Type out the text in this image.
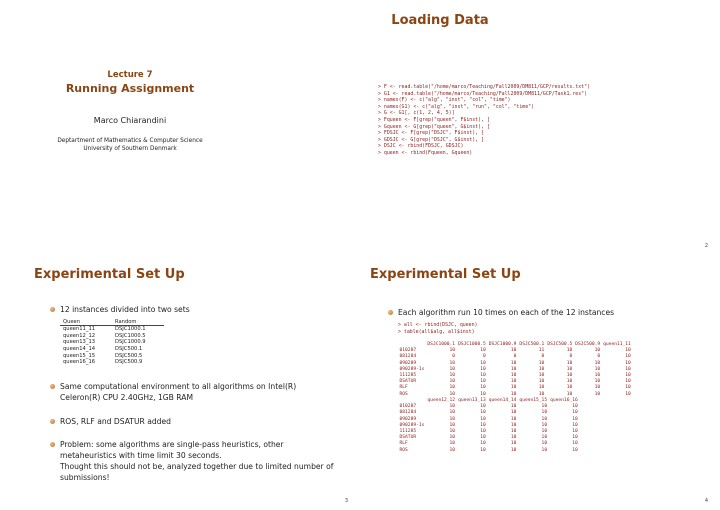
Lecture 7
Running Assignment
Marco Chiarandini
Deptartment of Mathematics & Computer Science
University of Southern Denmark
Loading Data
> F <- read.table("/home/marco/Teaching/Fall2009/DM811/GCP/results.txt")
> G1 <- read.table("/home/marco/Teaching/Fall2009/DM811/GCP/Task1.res")
> names(F) <- c("alg", "inst", "col", "time")
> names(G1) <- c("alg", "inst", "run", "col", "time")
> G <- G1[, c(1, 2, 4, 5)]
> Fqueen <- F[grep("queen", F$inst), ]
> Gqueen <- G[grep("queen", G$inst), ]
> FDSJC <- F[grep("DSJC", F$inst), ]
> GDSJC <- G[grep("DSJC", G$inst), ]
> DSJC <- rbind(FDSJC, GDSJC)
> queen <- rbind(Fqueen, Gqueen)
2
Experimental Set Up
12 instances divided into two sets
Queen	Random
queen11_11	DSJC1000.1
queen12_12	DSJC1000.5
queen13_13	DSJC1000.9
queen14_14	DSJC500.1
queen15_15	DSJC500.5
queen16_16	DSJC500.9
Same computational environment to all algorithms on Intel(R)
Celeron(R) CPU 2.40GHz, 1GB RAM
ROS, RLF and DSATUR added
Problem: some algorithms are single-pass heuristics, other
metaheuristics with time limit 30 seconds.
Thought this should not be, analyzed together due to limited number of
submissions!
3
Experimental Set Up
Each algorithm run 10 times on each of the 12 instances
> all <- rbind(DSJC, queen)
> table(all$alg, all$inst)
	DSJC1000.1	DSJC1000.5	DSJC1000.9	DSJC500.1	DSJC500.5	DSJC500.9	queen11_11
010287	10	10	10	11	10	10	10
081284	0	0	0	0	0	0	10
090289	10	10	10	10	10	10	10
090289-1s	10	10	10	10	10	10	10
111285	10	10	10	10	10	10	10
DSATUR	10	10	10	10	10	10	10
RLF	10	10	10	10	10	10	10
ROS	10	10	10	10	10	10	10
	queen12_12	queen13_13	queen14_14	queen15_15	queen16_16
010287	10	10	10	10	10
081284	10	10	10	10	10
090289	10	10	10	10	10
090289-1s	10	10	10	10	10
111285	10	10	10	10	10
DSATUR	10	10	10	10	10
RLF	10	10	10	10	10
ROS	10	10	10	10	10
4
